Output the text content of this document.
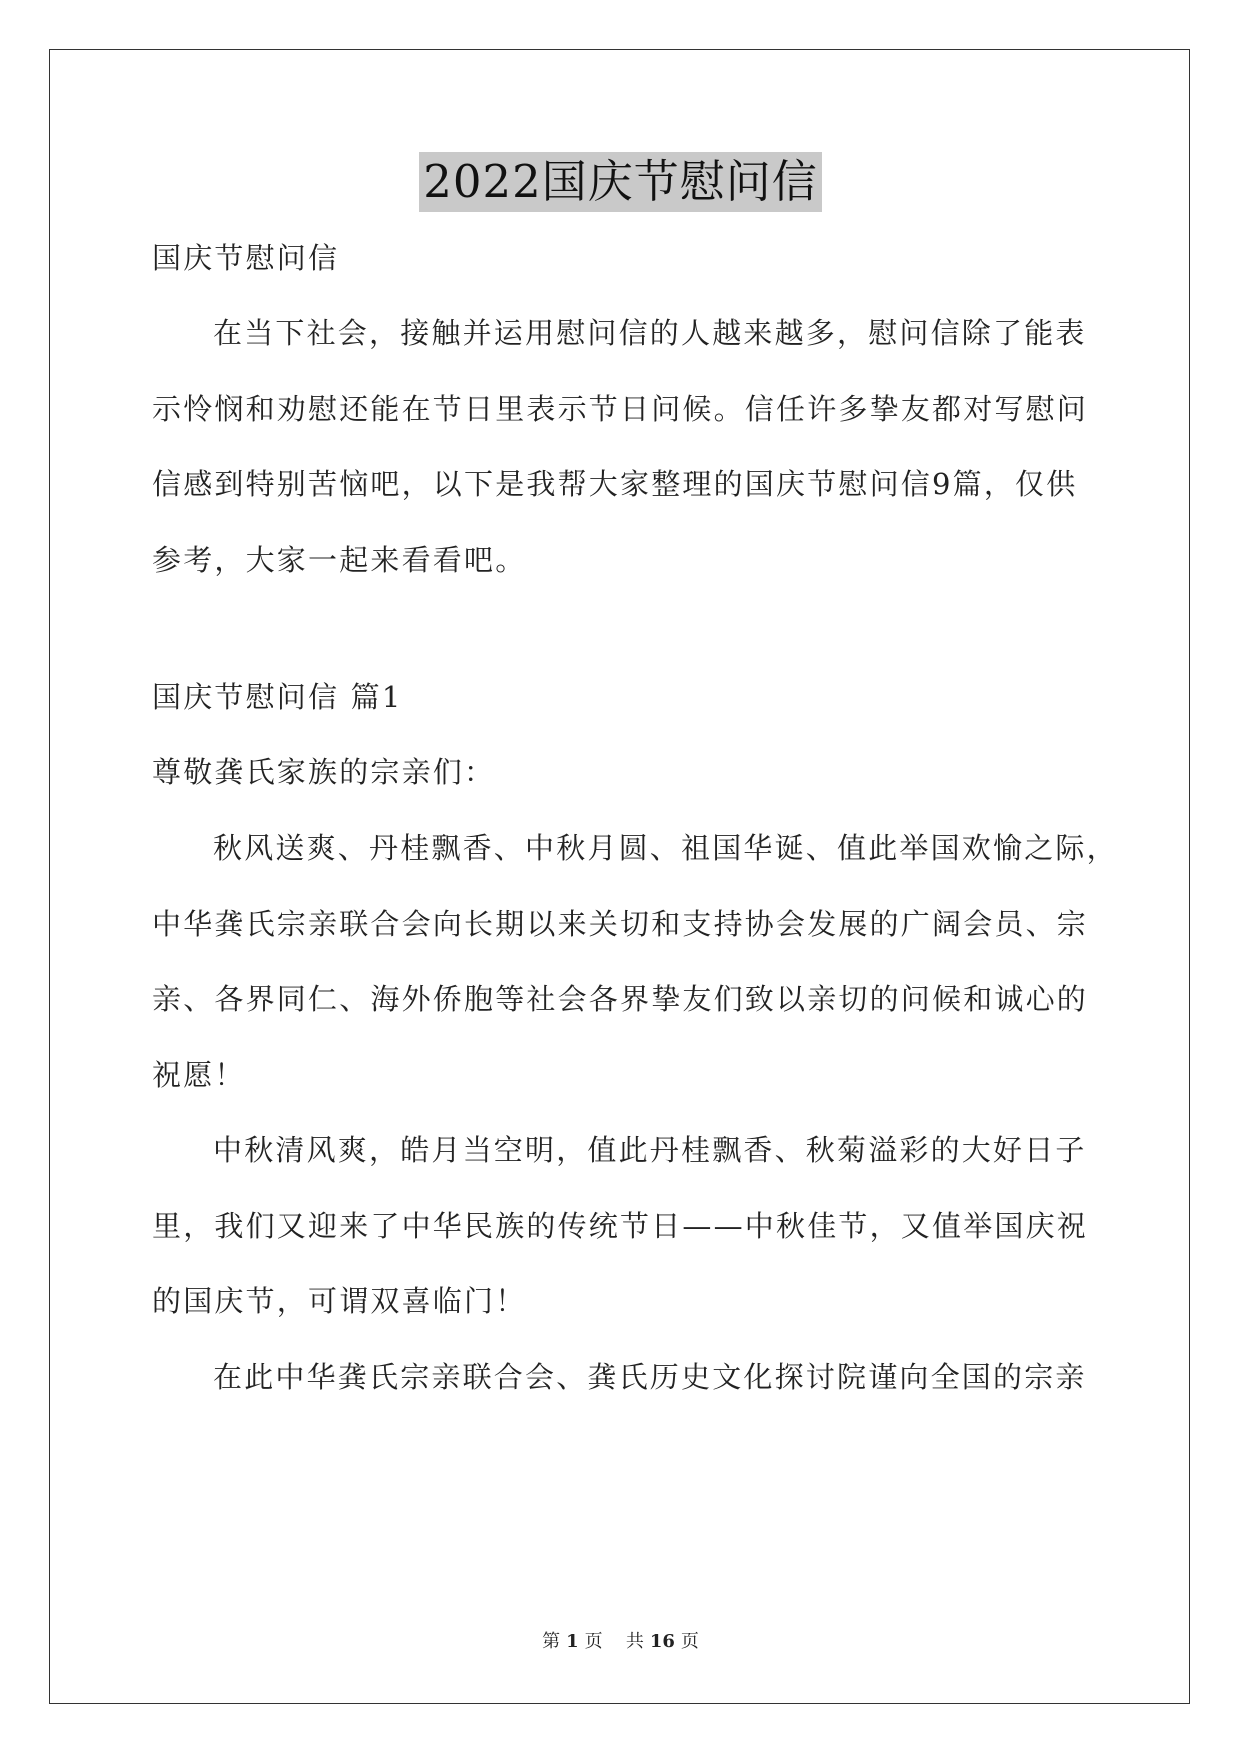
2022国庆节慰问信
国庆节慰问信
在当下社会，接触并运用慰问信的人越来越多，慰问信除了能表
示怜悯和劝慰还能在节日里表示节日问候。信任许多挚友都对写慰问
信感到特别苦恼吧，以下是我帮大家整理的国庆节慰问信9篇，仅供
参考，大家一起来看看吧。
国庆节慰问信 篇1
尊敬龚氏家族的宗亲们：
秋风送爽、丹桂飘香、中秋月圆、祖国华诞、值此举国欢愉之际，
中华龚氏宗亲联合会向长期以来关切和支持协会发展的广阔会员、宗
亲、各界同仁、海外侨胞等社会各界挚友们致以亲切的问候和诚心的
祝愿！
中秋清风爽，皓月当空明，值此丹桂飘香、秋菊溢彩的大好日子
里，我们又迎来了中华民族的传统节日——中秋佳节，又值举国庆祝
的国庆节，可谓双喜临门！
在此中华龚氏宗亲联合会、龚氏历史文化探讨院谨向全国的宗亲
第 1 页 共 16 页
